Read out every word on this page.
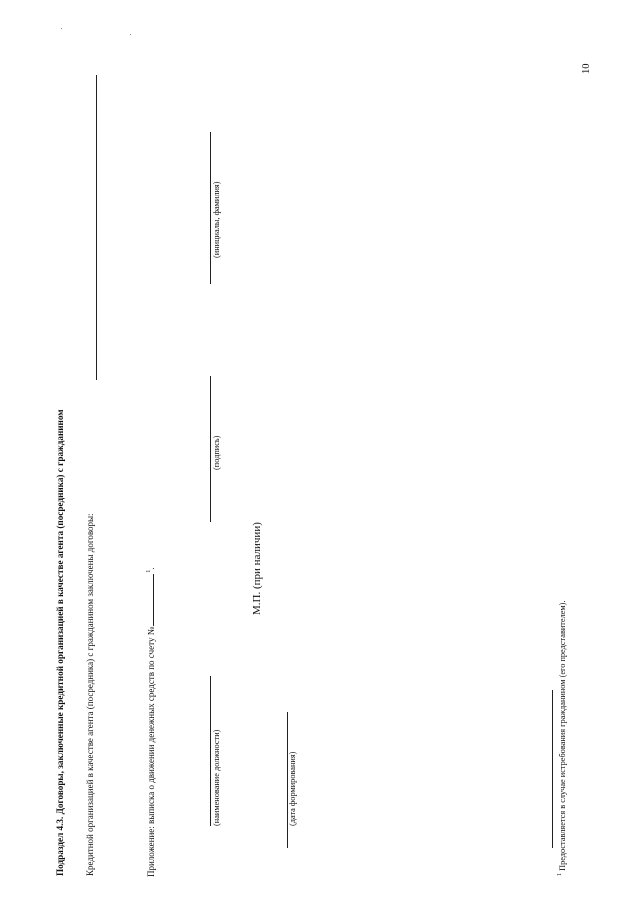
Подраздел 4.3. Договоры, заключенные кредитной организацией в качестве агента (посредника) с гражданином Кредитной организацией в качестве агента (посредника) с гражданином заключены договоры:	Приложение: выписка о движении денежных средств по счету №$^1$.
(наименование должности)
(подпись)
(инициалы, фамилия)
М.П. (при наличии)
(дата формирования)
$^1$ Предоставляется в случае истребования гражданином (его представителем).
10
